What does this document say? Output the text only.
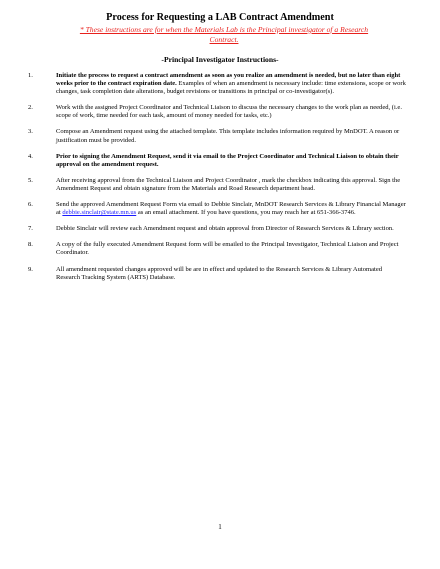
Process for Requesting a LAB Contract Amendment
* These instructions are for when the Materials Lab is the Principal investigator of a Research
Contract.
-Principal Investigator Instructions-
1.	Initiate the process to request a contract amendment as soon as you realize an amendment is needed, but no later than eight weeks prior to the contract expiration date. Examples of when an amendment is necessary include: time extensions, scope or work changes, task completion date alterations, budget revisions or transitions in principal or co-investigator(s).
2.	Work with the assigned Project Coordinator and Technical Liaison to discuss the necessary changes to the work plan as needed, (i.e. scope of work, time needed for each task, amount of money needed for tasks, etc.)
3.	Compose an Amendment request using the attached template. This template includes information required by MnDOT. A reason or justification must be provided.
4.	Prior to signing the Amendment Request, send it via email to the Project Coordinator and Technical Liaison to obtain their approval on the amendment request.
5.	After receiving approval from the Technical Liaison and Project Coordinator , mark the checkbox indicating this approval. Sign the Amendment Request and obtain signature from the Materials and Road Research department head.
6.	Send the approved Amendment Request Form via email to Debbie Sinclair, MnDOT Research Services & Library Financial Manager at debbie.sinclair@state.mn.us as an email attachment. If you have questions, you may reach her at 651-366-3746.
7.	Debbie Sinclair will review each Amendment request and obtain approval from Director of Research Services & Library section.
8.	A copy of the fully executed Amendment Request form will be emailed to the Principal Investigator, Technical Liaison and Project Coordinator.
9.	All amendment requested changes approved will be are in effect and updated to the Research Services & Library Automated Research Tracking System (ARTS) Database.
1
